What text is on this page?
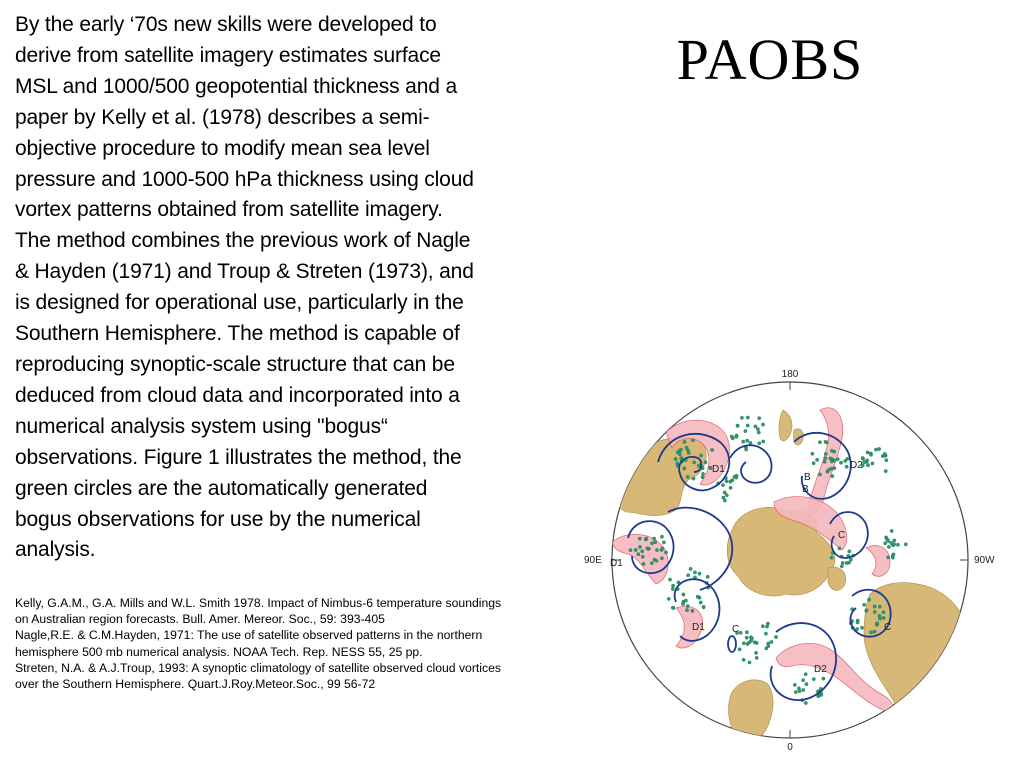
By the early ‘70s new skills were developed to

derive from satellite imagery estimates surface

MSL and 1000/500 geopotential thickness and a

paper by Kelly et al. (1978) describes a semi-

objective procedure to modify mean sea level

pressure and 1000-500 hPa thickness using cloud

vortex patterns obtained from satellite imagery.

The method combines the previous work of Nagle

& Hayden (1971) and Troup & Streten (1973), and

is designed for operational use, particularly in the

Southern Hemisphere. The method is capable of

reproducing synoptic-scale structure that can be

deduced from cloud data and incorporated into a

numerical analysis system using "bogus“

observations. Figure 1 illustrates the method, the

green circles are the automatically generated

bogus observations for use by the numerical

analysis.

Kelly, G.A.M., G.A. Mills and W.L. Smith 1978. Impact of Nimbus-6 temperature soundings
on Australian region forecasts. Bull. Amer. Mereor. Soc., 59: 393-405
Nagle,R.E. & C.M.Hayden, 1971: The use of satellite observed patterns in the northern
hemisphere 500 mb numerical analysis. NOAA Tech. Rep. NESS 55, 25 pp.
Streten, N.A. & A.J.Troup, 1993: A synoptic climatology of satellite observed cloud vortices
over the Southern Hemisphere. Quart.J.Roy.Meteor.Soc., 99 56-72
PAOBS
180
0
90E	90W
D1
D1
D2
D2
B
B
C
C
C
D1
